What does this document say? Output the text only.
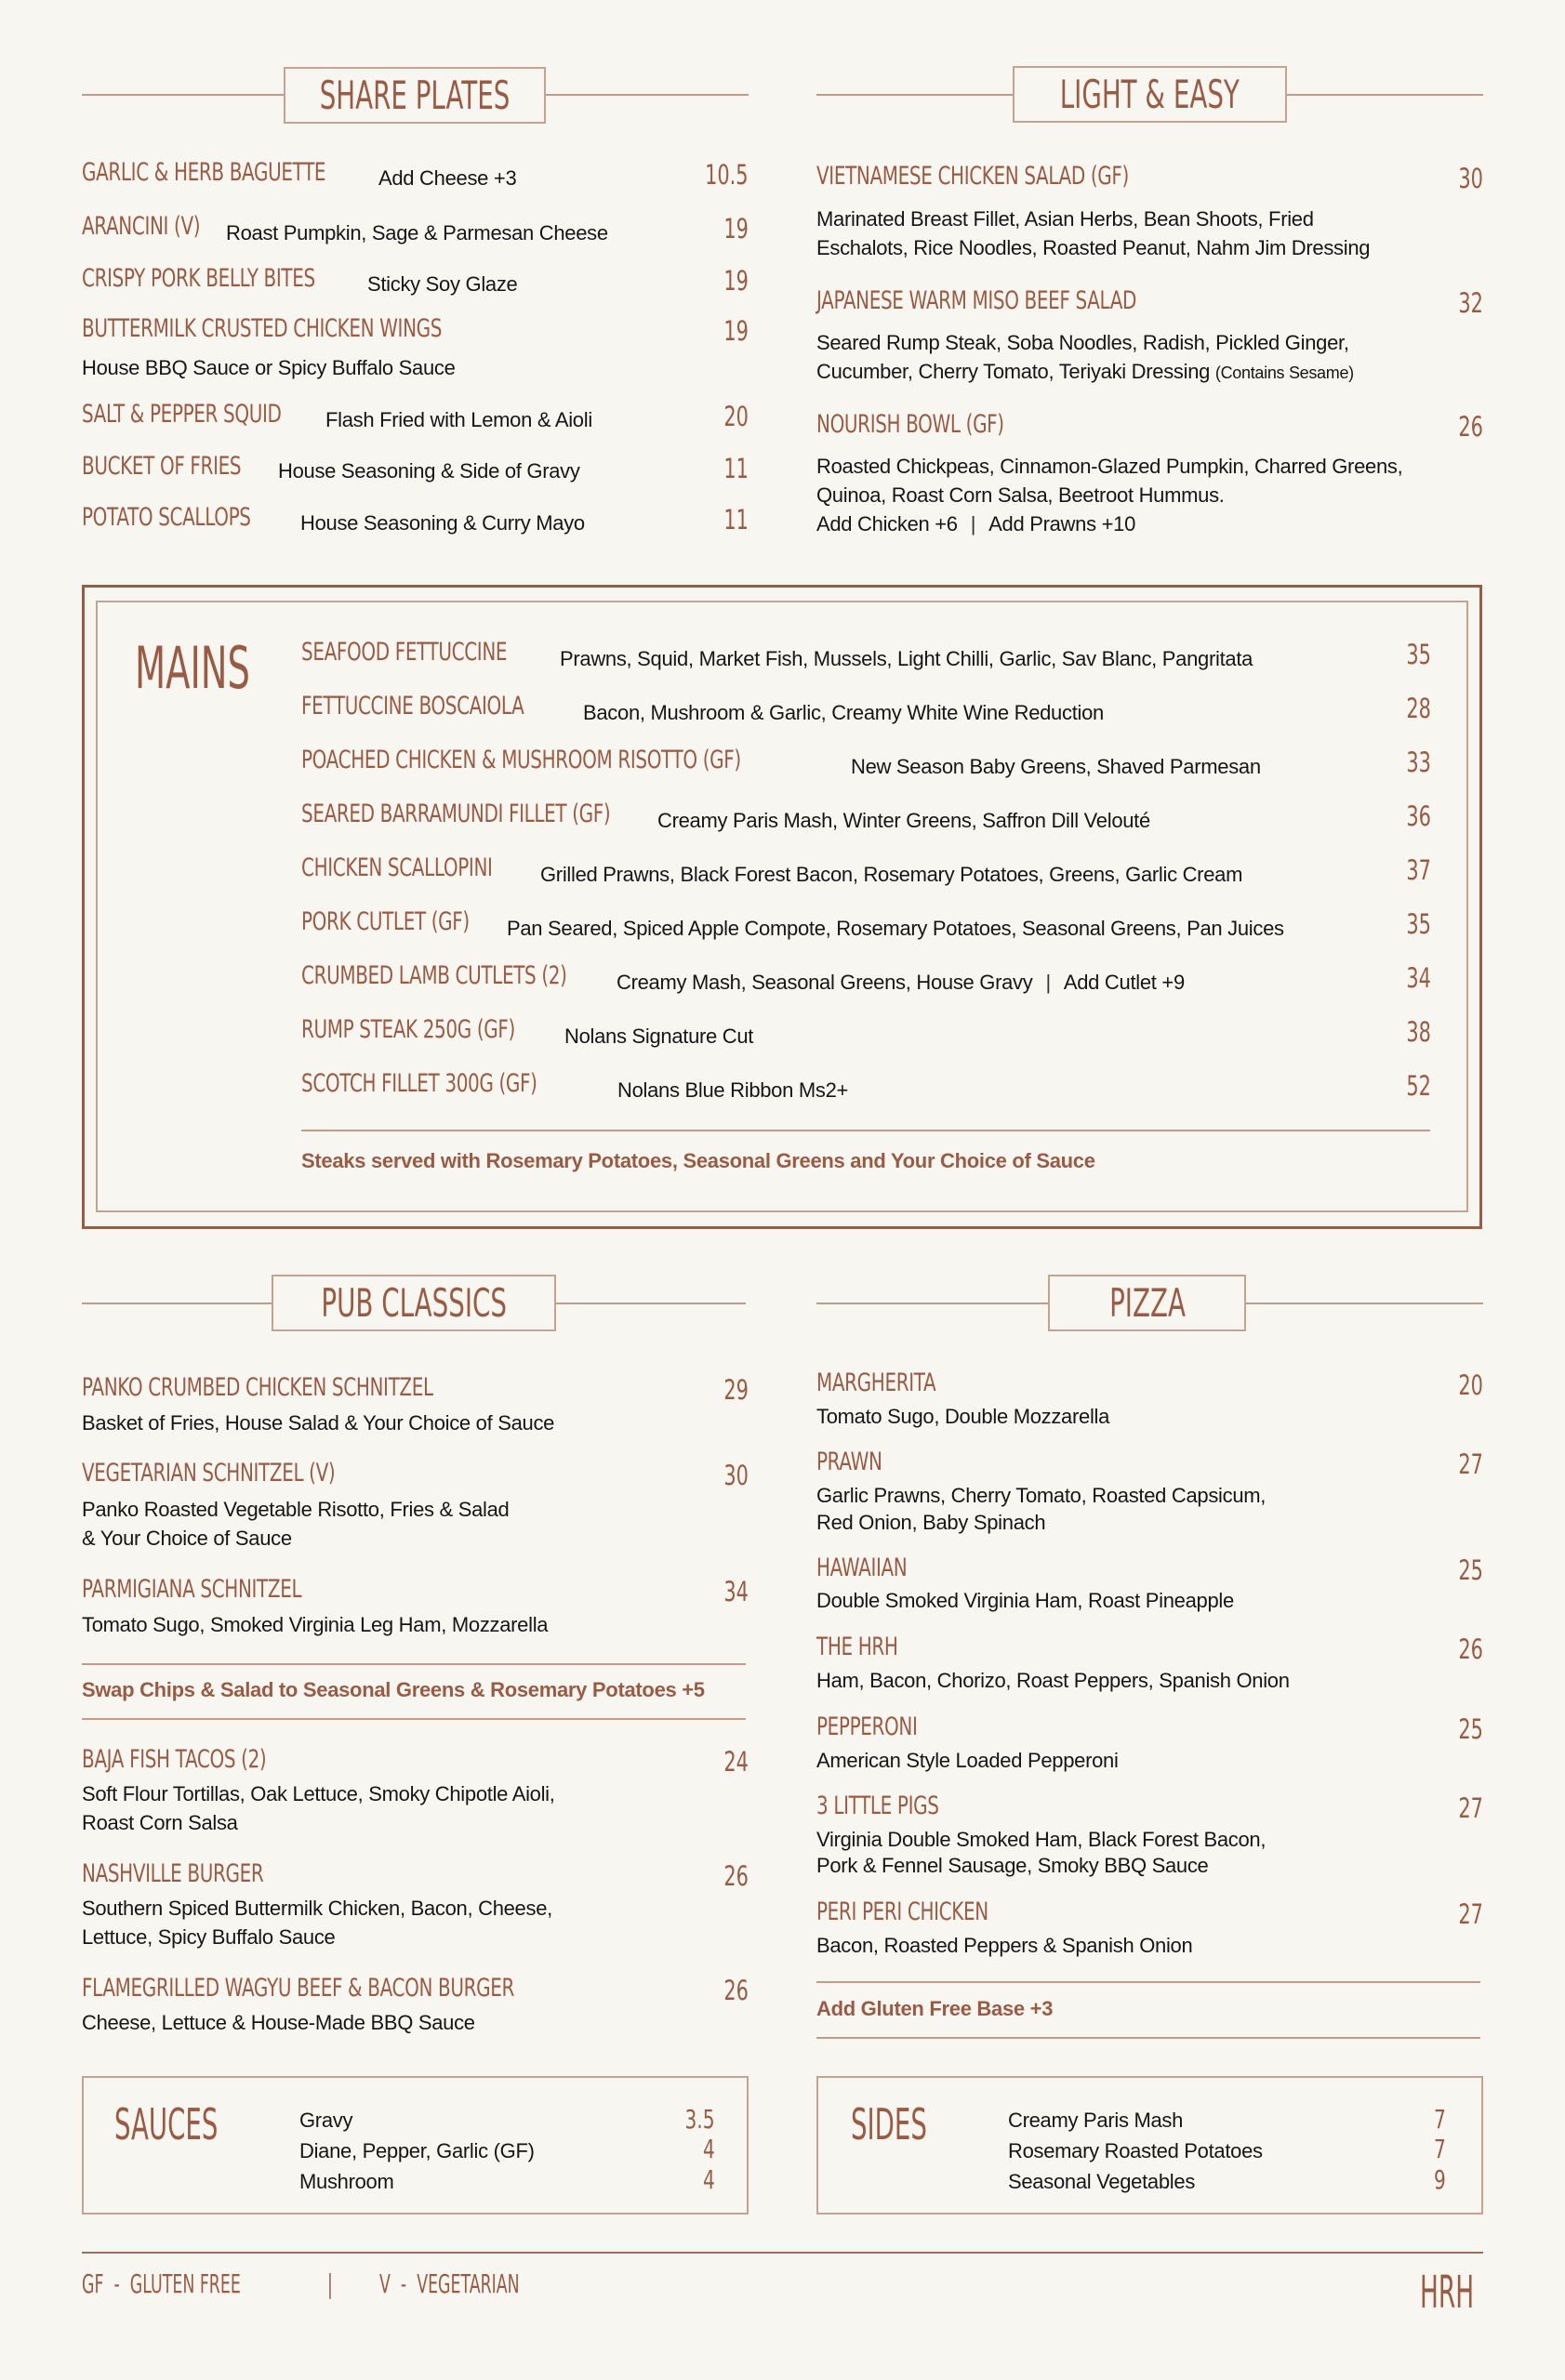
SHARE PLATES
GARLIC & HERB BAGUETTE	Add Cheese +3	10.5
ARANCINI (V)	Roast Pumpkin, Sage & Parmesan Cheese	19
CRISPY PORK BELLY BITES	Sticky Soy Glaze	19
BUTTERMILK CRUSTED CHICKEN WINGS	19
House BBQ Sauce or Spicy Buffalo Sauce
SALT & PEPPER SQUID	Flash Fried with Lemon & Aioli	20
BUCKET OF FRIES	House Seasoning & Side of Gravy	11
POTATO SCALLOPS	House Seasoning & Curry Mayo	11
LIGHT & EASY
VIETNAMESE CHICKEN SALAD (GF)	30
Marinated Breast Fillet, Asian Herbs, Bean Shoots, Fried
Eschalots, Rice Noodles, Roasted Peanut, Nahm Jim Dressing
JAPANESE WARM MISO BEEF SALAD	32
Seared Rump Steak, Soba Noodles, Radish, Pickled Ginger,
Cucumber, Cherry Tomato, Teriyaki Dressing (Contains Sesame)
NOURISH BOWL (GF)	26
Roasted Chickpeas, Cinnamon-Glazed Pumpkin, Charred Greens,
Quinoa, Roast Corn Salsa, Beetroot Hummus.
Add Chicken +6 | Add Prawns +10
MAINS SEAFOOD FETTUCCINE	Prawns, Squid, Market Fish, Mussels, Light Chilli, Garlic, Sav Blanc, Pangritata	35
FETTUCCINE BOSCAIOLA	Bacon, Mushroom & Garlic, Creamy White Wine Reduction	28
POACHED CHICKEN & MUSHROOM RISOTTO (GF)	New Season Baby Greens, Shaved Parmesan	33
SEARED BARRAMUNDI FILLET (GF)	Creamy Paris Mash, Winter Greens, Saffron Dill Velouté	36
CHICKEN SCALLOPINI	Grilled Prawns, Black Forest Bacon, Rosemary Potatoes, Greens, Garlic Cream	37
PORK CUTLET (GF)	Pan Seared, Spiced Apple Compote, Rosemary Potatoes, Seasonal Greens, Pan Juices	35
CRUMBED LAMB CUTLETS (2)	Creamy Mash, Seasonal Greens, House Gravy | Add Cutlet +9	34
RUMP STEAK 250G (GF)	Nolans Signature Cut	38
SCOTCH FILLET 300G (GF)	Nolans Blue Ribbon Ms2+	52
Steaks served with Rosemary Potatoes, Seasonal Greens and Your Choice of Sauce
PUB CLASSICS
PANKO CRUMBED CHICKEN SCHNITZEL	29
Basket of Fries, House Salad & Your Choice of Sauce
VEGETARIAN SCHNITZEL (V)	30
Panko Roasted Vegetable Risotto, Fries & Salad
& Your Choice of Sauce
PARMIGIANA SCHNITZEL	34
Tomato Sugo, Smoked Virginia Leg Ham, Mozzarella
Swap Chips & Salad to Seasonal Greens & Rosemary Potatoes +5
BAJA FISH TACOS (2)	24
Soft Flour Tortillas, Oak Lettuce, Smoky Chipotle Aioli,
Roast Corn Salsa
NASHVILLE BURGER	26
Southern Spiced Buttermilk Chicken, Bacon, Cheese,
Lettuce, Spicy Buffalo Sauce
FLAMEGRILLED WAGYU BEEF & BACON BURGER	26
Cheese, Lettuce & House-Made BBQ Sauce
PIZZA
MARGHERITA	20
Tomato Sugo, Double Mozzarella
PRAWN	27
Garlic Prawns, Cherry Tomato, Roasted Capsicum,
Red Onion, Baby Spinach
HAWAIIAN	25
Double Smoked Virginia Ham, Roast Pineapple
THE HRH	26
Ham, Bacon, Chorizo, Roast Peppers, Spanish Onion
PEPPERONI	25
American Style Loaded Pepperoni
3 LITTLE PIGS	27
Virginia Double Smoked Ham, Black Forest Bacon,
Pork & Fennel Sausage, Smoky BBQ Sauce
PERI PERI CHICKEN	27
Bacon, Roasted Peppers & Spanish Onion
Add Gluten Free Base +3
SAUCES	Gravy	3.5
Diane, Pepper, Garlic (GF)	4
Mushroom	4
SIDES	Creamy Paris Mash	7
Rosemary Roasted Potatoes	7
Seasonal Vegetables	9
GF  -  GLUTEN FREE	| V  -  VEGETARIAN	HRH
